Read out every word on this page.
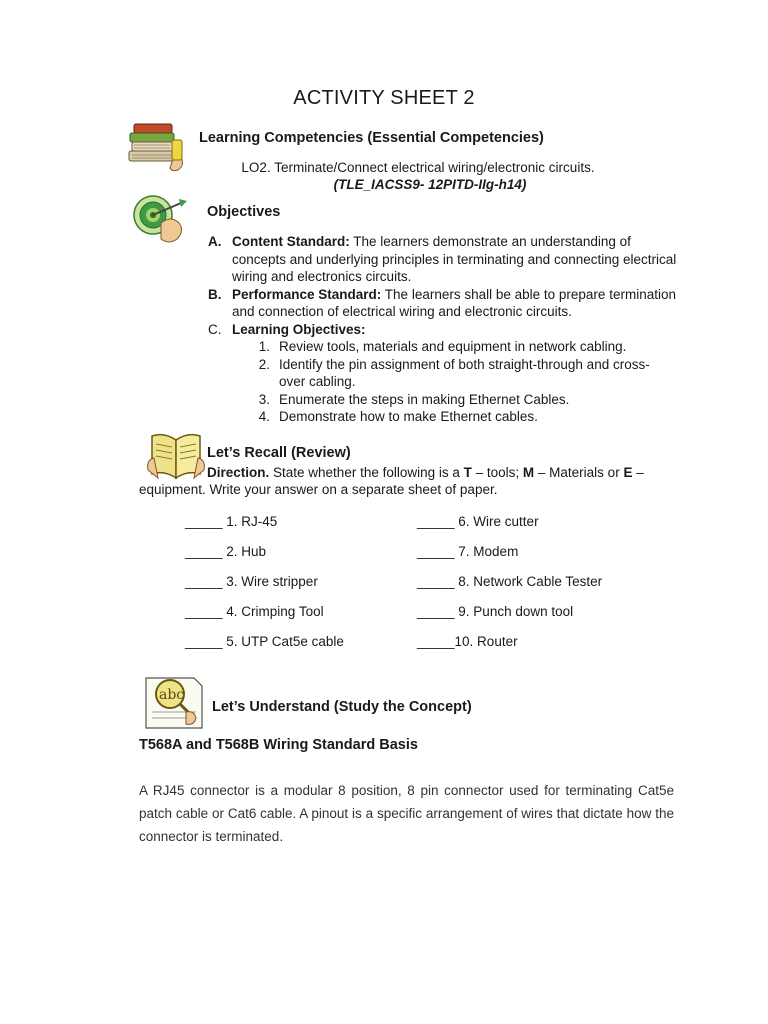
ACTIVITY SHEET 2
Learning Competencies (Essential Competencies)
LO2. Terminate/Connect electrical wiring/electronic circuits.
(TLE_IACSS9- 12PITD-IIg-h14)
Objectives
A. Content Standard: The learners demonstrate an understanding of concepts and underlying principles in terminating and connecting electrical wiring and electronics circuits.
B. Performance Standard: The learners shall be able to prepare termination and connection of electrical wiring and electronic circuits.
C. Learning Objectives:
1. Review tools, materials and equipment in network cabling.
2. Identify the pin assignment of both straight-through and cross-over cabling.
3. Enumerate the steps in making Ethernet Cables.
4. Demonstrate how to make Ethernet cables.
Let’s Recall (Review)
Direction. State whether the following is a T – tools; M – Materials or E –
equipment. Write your answer on a separate sheet of paper.
_____ 1. RJ-45
_____ 2. Hub
_____ 3. Wire stripper
_____ 4. Crimping Tool
_____ 5. UTP Cat5e cable
_____ 6. Wire cutter
_____ 7. Modem
_____ 8. Network Cable Tester
_____ 9. Punch down tool
_____10. Router
abc
Let’s Understand (Study the Concept)
T568A and T568B Wiring Standard Basis
A RJ45 connector is a modular 8 position, 8 pin connector used for terminating Cat5e patch cable or Cat6 cable. A pinout is a specific arrangement of wires that dictate how the connector is terminated.
